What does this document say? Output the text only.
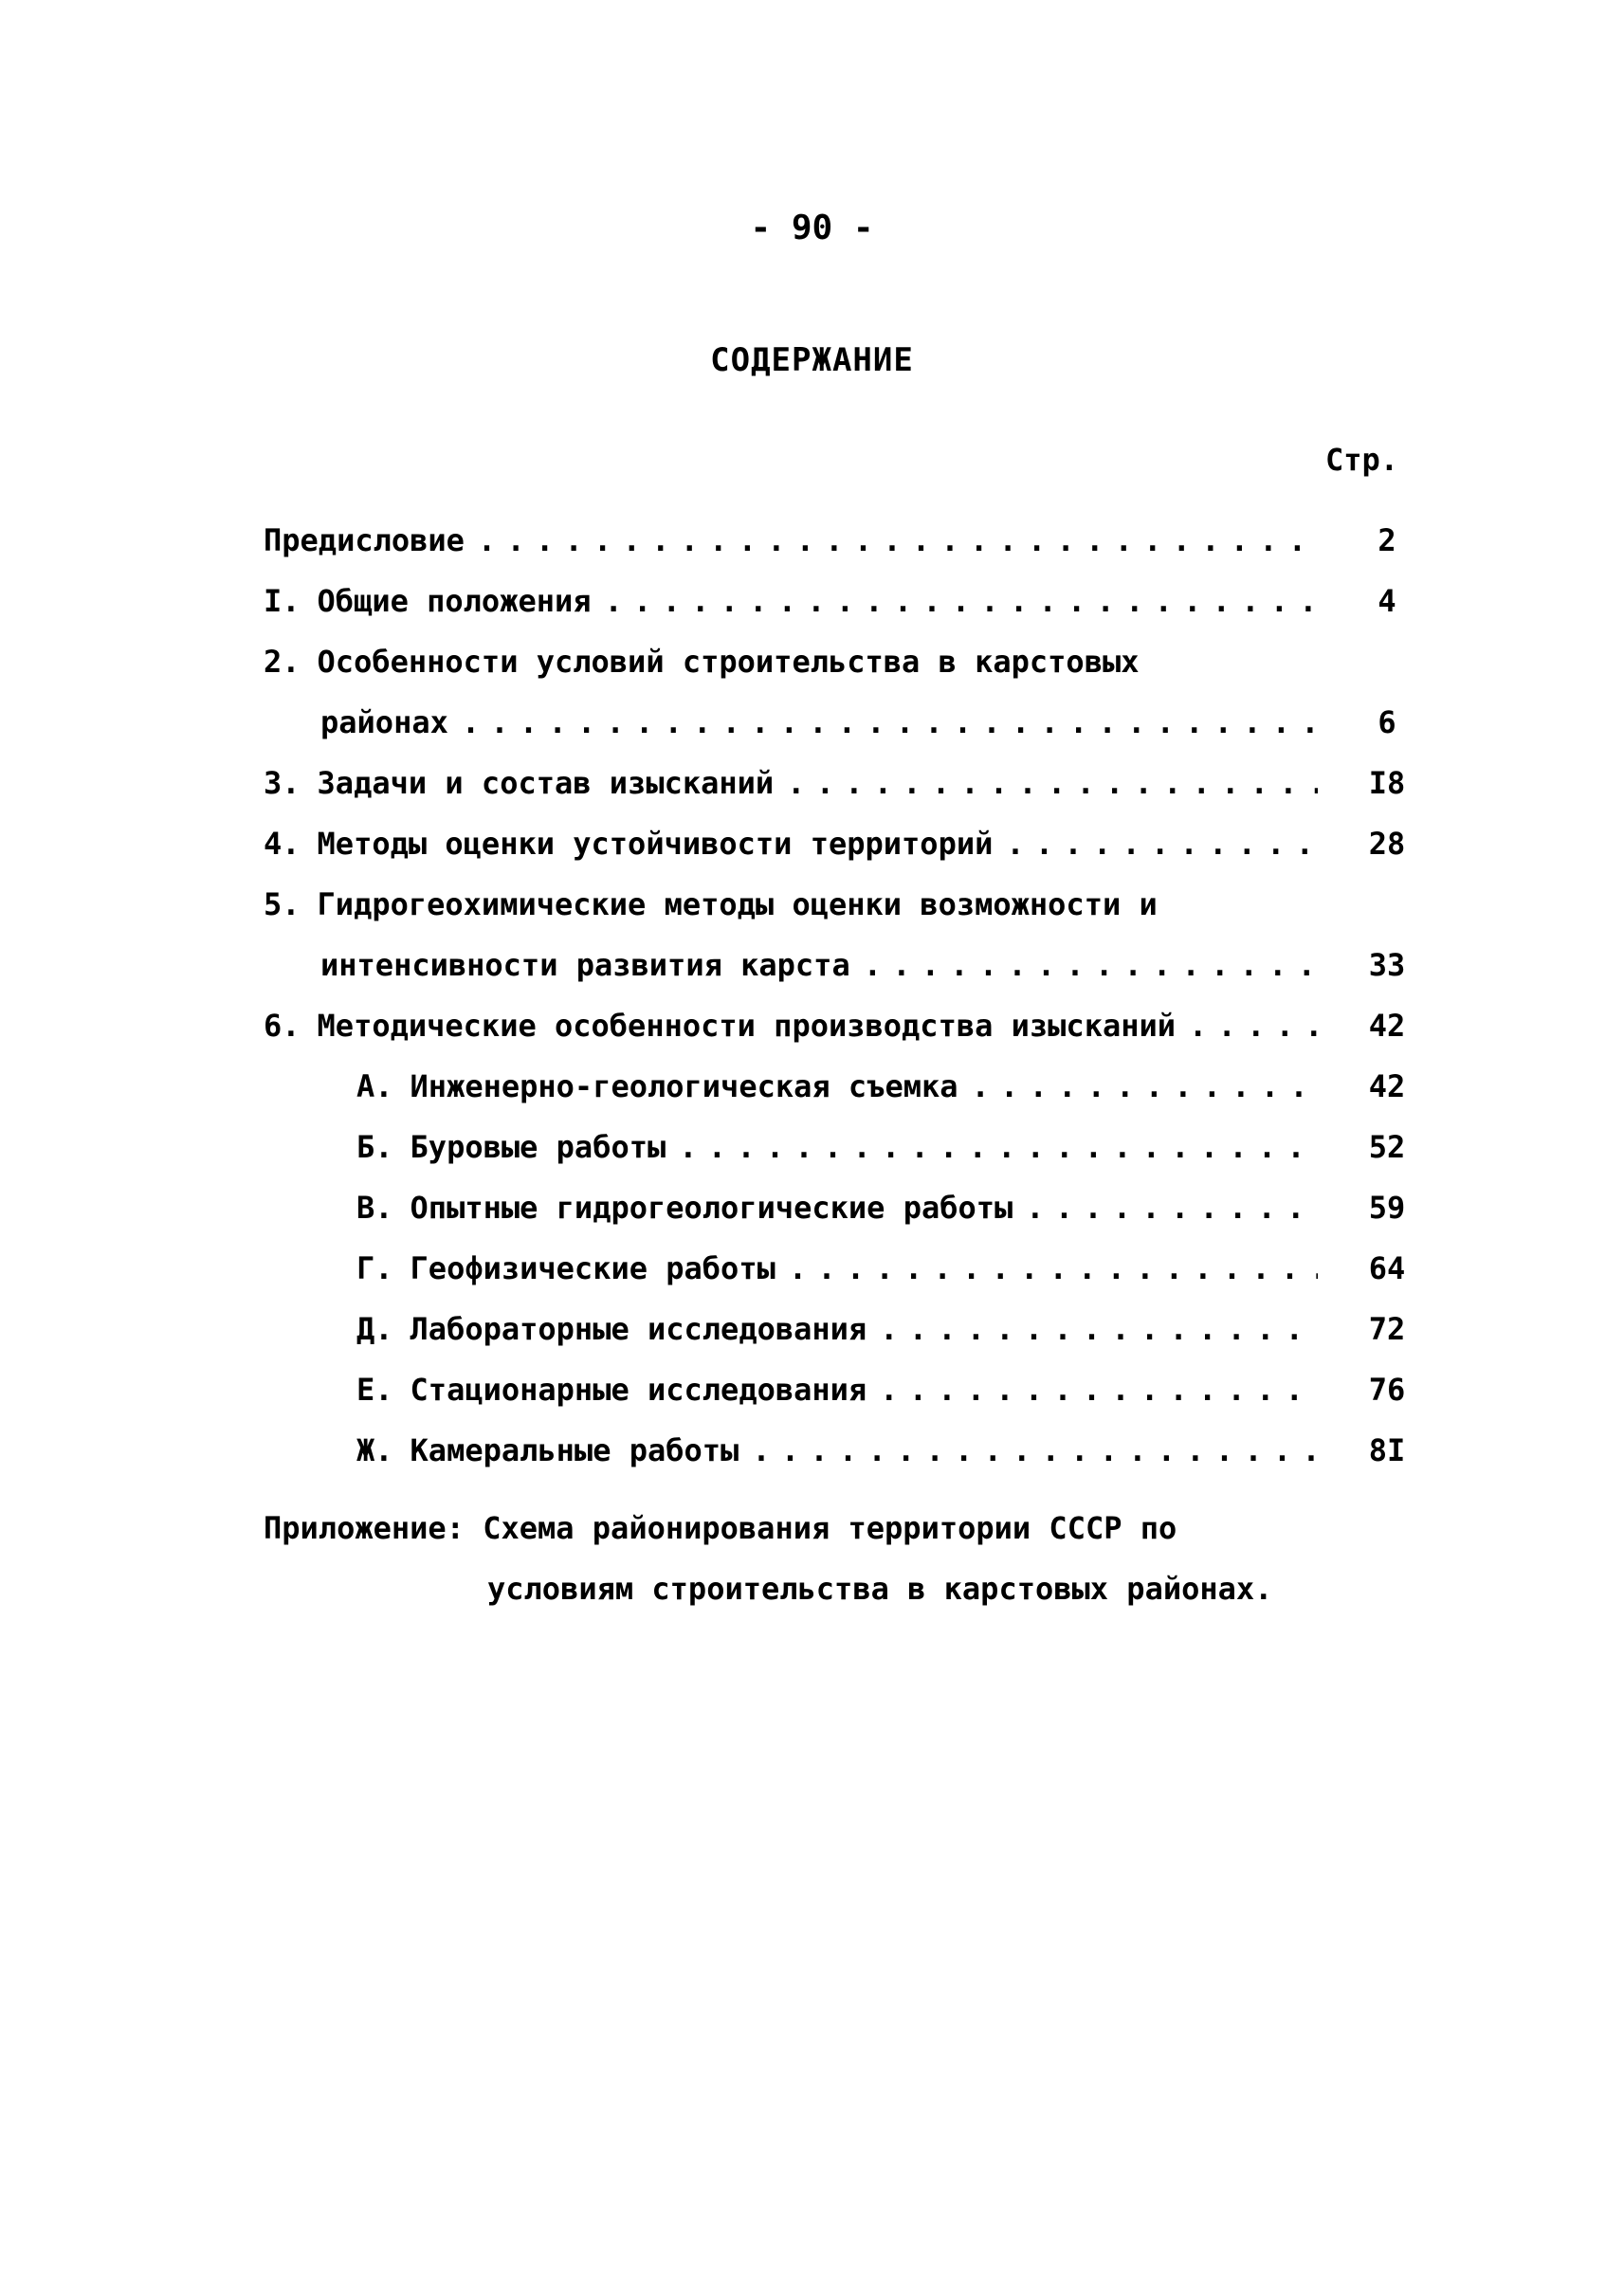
- 90 -
СОДЕРЖАНИЕ
Стр.
Предисловие . . .	2
I. Общие положения . . .	4
2. Особенности условий строительства в карстовых
районах . . .	6
3. Задачи и состав изысканий . . .	I8
4. Методы оценки устойчивости территорий . . .	28
5. Гидрогеохимические методы оценки возможности и
интенсивности развития карста . . .	33
6. Методические особенности производства изысканий . . .	42
А. Инженерно-геологическая съемка . . .	42
Б. Буровые работы . . .	52
В. Опытные гидрогеологические работы . . .	59
Г. Геофизические работы . . .	64
Д. Лабораторные исследования . . .	72
Е. Стационарные исследования . . .	76
Ж. Камеральные работы . . .	8I
Приложение: Схема районирования территории СССР по
условиям строительства в карстовых районах.
